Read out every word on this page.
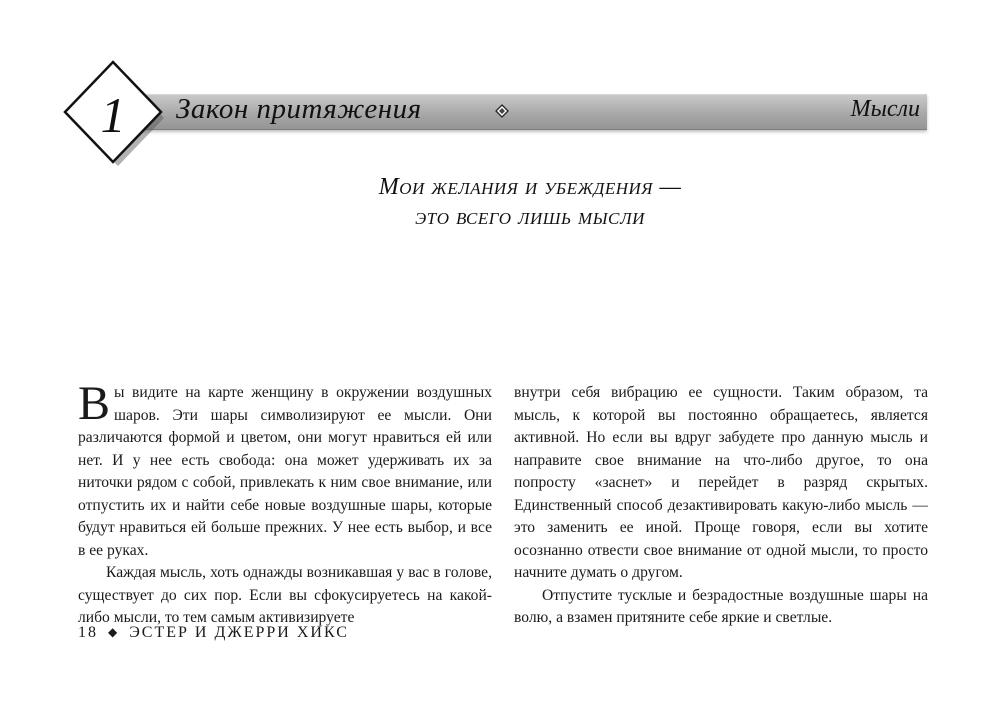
1	Закон притяжения	Мысли
Мои желания и убеждения —
это всего лишь мысли

Вы видите на карте женщину в окружении воздушных шаров. Эти шары символизируют ее мысли. Они различаются формой и цветом, они могут нравиться ей или нет. И у нее есть свобода: она может удерживать их за ниточки рядом с собой, привлекать к ним свое внимание, или отпустить их и найти себе новые воздушные шары, которые будут нравиться ей больше прежних. У нее есть выбор, и все в ее руках.

Каждая мысль, хоть однажды возникавшая у вас в голове, существует до сих пор. Если вы сфокусируетесь на какой-либо мысли, то тем самым активизируете

внутри себя вибрацию ее сущности. Таким образом, та мысль, к которой вы постоянно обращаетесь, является активной. Но если вы вдруг забудете про данную мысль и направите свое внимание на что-либо другое, то она попросту «заснет» и перейдет в разряд скрытых. Единственный способ дезактивировать какую-либо мысль — это заменить ее иной. Проще говоря, если вы хотите осознанно отвести свое внимание от одной мысли, то просто начните думать о другом.

Отпустите тусклые и безрадостные воздушные шары на волю, а взамен притяните себе яркие и светлые.

18 ◆ ЭСТЕР И ДЖЕРРИ ХИКС
